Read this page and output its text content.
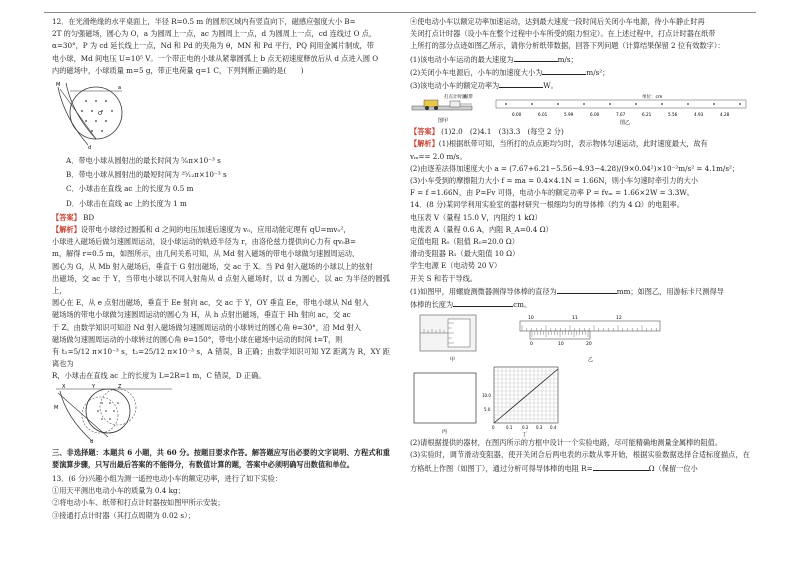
12．在光滑绝缘的水平桌面上，半径 R=0.5 m 的圆形区域内有竖直向下，磁感应强度大小 B=

2T 的匀强磁场，圆心为 O，a 为圆周上一点，ac 为圆周上一点，d 为圆周上一点，cd 连线过 O 点，

α=30°，P 为 cd 延长线上一点，Nd 和 Pd 的夹角为 θ，MN 和 Pd 平行，PQ 间用金属片制成，带

电小球，Md 间电压 U=10⁵ V。一个带正电的小球从紧靠圆弧上 b 点无初速度释放后从 d 点进入圆 O

内的磁场中，小球质量 m=5 g，带正电荷量 q=1 C，下列判断正确的是(　　)

M
d
a
O

A．带电小球从圆射出的最长时间为 ⁵⁄₆π×10⁻³ s

B．带电小球从圆射出的最短时间为 ²⁵⁄₁₂π×10⁻³ s

C．小球击在直线 ac 上的长度为 0.5 m

D．小球击在直线 ac 上的长度为 1 m

【答案】 BD

【解析】设带电小球经过圆弧和 d 之间的电压加速后速度为 v₀，应用动能定理有 qU=mv₀²，

小球进入磁场后做匀速圆周运动，设小球运动的轨迹半径为 r，由洛伦兹力提供向心力有 qv₀B=

m，解得 r=0.5 m，如图所示，由几何关系可知，从 Md 射入磁场的带电小球做匀速圆周运动，

圆心为 G，从 Mb 射入磁场后，垂直于 G 射出磁场，交 ac 于 X。当 Pd 射入磁场的小球以上的弦射

出磁场，交 ac 于 Y，当带电小球以不同入射角从 d 点射入磁场时，以 d 为圆心，以 ac 为半径的圆弧上，

圆心在 E，从 e 点射出磁场，垂直于 Ee 射向 ac，交 ac 于 Y，OY 垂直 Ee，带电小球从 Nd 射入

磁场场的带电小球做匀速圆周运动的圆心为 H，从 h 点射出磁场，垂直于 Hh 射向 ac，交 ac

于 Z。由数学知识可知沿 Nd 射入磁场做匀速圆周运动的小球转过的圆心角 θ=30°，沿 Md 射入

磁场做匀速圆周运动的小球转过的圆心角 θ=150°，带电小球在磁场中运动的时间 t=T，则

有 t₁=5/12 π×10⁻³ s，t₂=25/12 π×10⁻³ s，A 错误，B 正确；由数学知识可知 YZ 距离为 R，XY 距离也为

R，小球击在直线 ac 上的长度为 L=2R=1 m，C 错误，D 正确。

X	Y	Z
M
d

三、非选择题：本题共 6 小题，共 60 分。按题目要求作答。解答题应写出必要的文字说明、方程式和重要演算步骤，只写出最后答案的不能得分，有数值计算的题，答案中必须明确写出数值和单位。

13．(6 分)兴趣小组为测一遥控电动小车的额定功率，进行了如下实验：

①用天平测出电动小车的质量为 0.4 kg；

②将电动小车、纸带和打点计时器按如图甲所示安装；

③接通打点计时器（其打点周期为 0.02 s）；

④使电动小车以额定功率加速运动，达到最大速度一段时间后关闭小车电源，待小车静止时再

关闭打点计时器（设小车在整个过程中小车所受的阻力恒定）。在上述过程中，打点计时器在纸带

上所打的部分点迹如图乙所示，请你分析纸带数据，回答下列问题（计算结果保留 2 位有效数字）：

(1)该电动小车运动的最大速度为	m/s；

(2)关闭小车电源后，小车的加速度大小为	m/s²；

(3)该电动小车的额定功率为	W。

打点计时器
纸带
图甲
单位：cm
6.00	6.01	5.99	6.00	7.67	6.21	5.56	4.93	4.28
图乙

【答案】 (1)2.0　(2)4.1　(3)3.3　(每空 2 分)

【解析】(1)根据纸带可知，当所打的点点距均匀时，表示物体匀速运动，此时速度最大，故有

vₘ== 2.0 m/s。

(2)由逐差法得加速度大小 a = (7.67+6.21−5.56−4.93−4.28)/(9×0.04²)×10⁻²m/s² = 4.1m/s²；

(3)小车受到的摩擦阻力大小 f = ma = 0.4×4.1N = 1.66N，则小车匀速时牵引力的大小

F = f =1.66N，由 P=Fv 可得，电动小车的额定功率 P = fvₘ = 1.66×2W = 3.3W。

14．(8 分)某同学利用实验室的器材研究一根细均匀的导体棒（约为 4 Ω）的电阻率。

电压表 V（量程 15.0 V，内阻约 1 kΩ）

电流表 A（量程 0.6 A，内阻 R_A=0.4 Ω）

定值电阻 R₀（阻值 R₀=20.0 Ω）

滑动变阻器 R₁（最大阻值 10 Ω）

学生电源 E（电动势 20 V）

开关 S 和若干导线。

(1)如图甲，用螺旋测微器测得导体棒的直径为	mm；如图乙，用游标卡尺测得导

体棒的长度为	cm。

甲
10	11	12
0	10	20
乙
丙
10.0
5.0
0	0.1 0.2 0.3 0.4
丁

(2)请根据提供的器材，在图丙所示的方框中设计一个实验电路，尽可能精确地测量金属棒的阻值。

(3)实验时，调节滑动变阻器，使开关闭合后两电表的示数从零开始，根据实验数据选择合适标度描点，在方格纸上作图（如图丁），通过分析可得导体棒的电阻 R=	Ω（保留一位小
